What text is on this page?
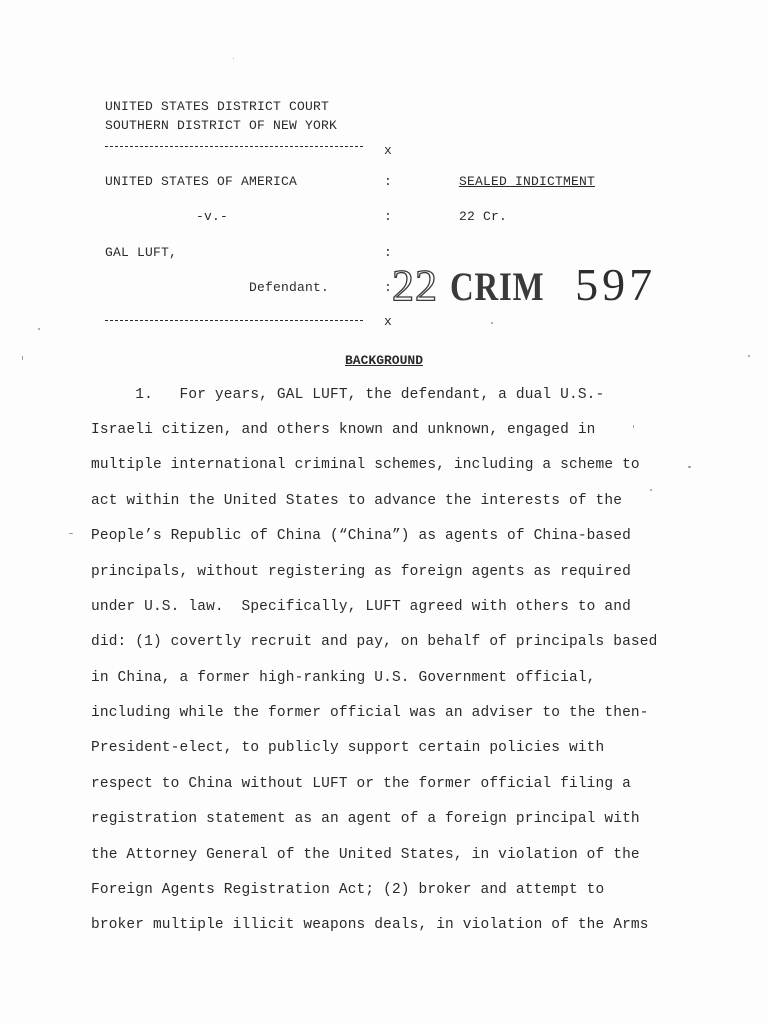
UNITED STATES DISTRICT COURT
SOUTHERN DISTRICT OF NEW YORK
x
UNITED STATES OF AMERICA	:	SEALED INDICTMENT
-v.-	:	22 Cr.
GAL LUFT,	:
Defendant.	: 22 CRIM 597
x
BACKGROUND
1.   For years, GAL LUFT, the defendant, a dual U.S.-
Israeli citizen, and others known and unknown, engaged in
multiple international criminal schemes, including a scheme to
act within the United States to advance the interests of the
People’s Republic of China (“China”) as agents of China-based
principals, without registering as foreign agents as required
under U.S. law.  Specifically, LUFT agreed with others to and
did: (1) covertly recruit and pay, on behalf of principals based
in China, a former high-ranking U.S. Government official,
including while the former official was an adviser to the then-
President-elect, to publicly support certain policies with
respect to China without LUFT or the former official filing a
registration statement as an agent of a foreign principal with
the Attorney General of the United States, in violation of the
Foreign Agents Registration Act; (2) broker and attempt to
broker multiple illicit weapons deals, in violation of the Arms
